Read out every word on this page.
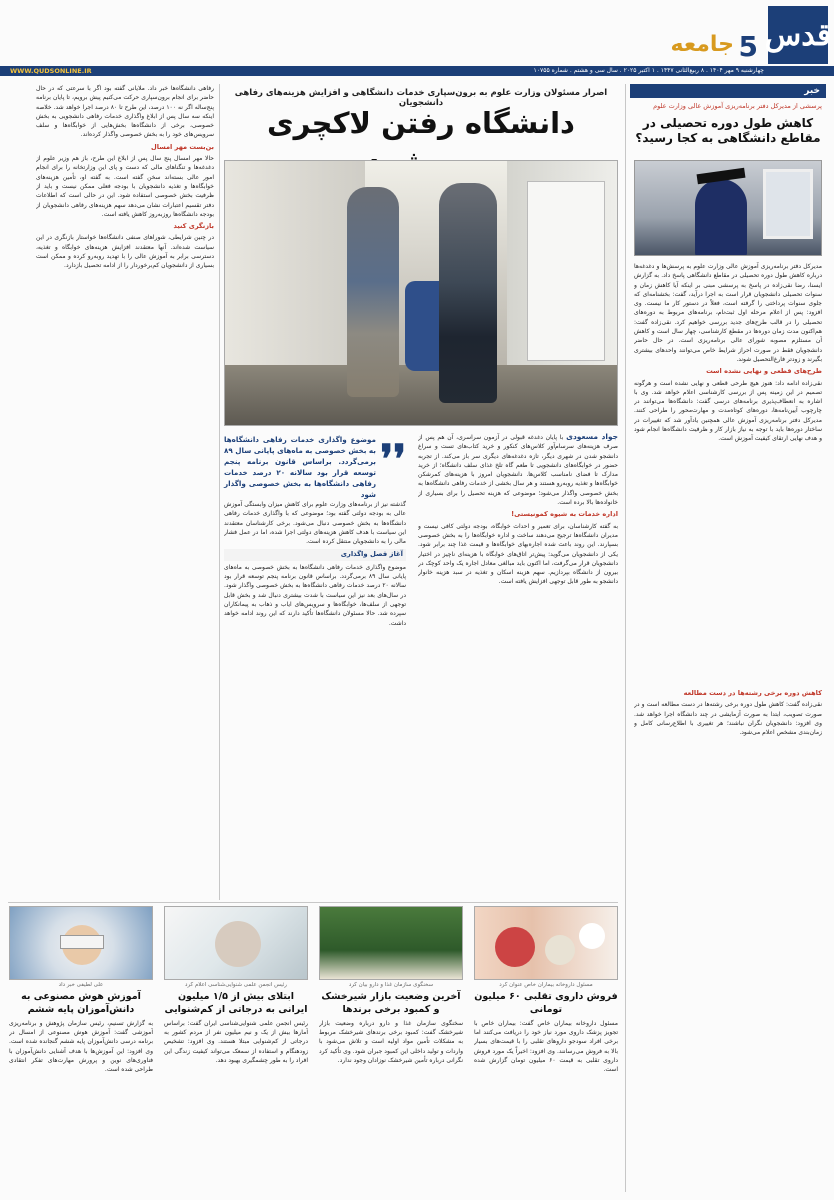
قدس
5
جامعه
چهارشنبه ۹ مهر ۱۴۰۴ . ۸ ربیع‌الثانی ۱۴۴۷ . ۱ اکتبر ۲۰۲۵ . سال سی و هشتم . شماره ۱۰۷۵۵
WWW.QUDSONLINE.IR
خبر
پرسشی از مدیرکل دفتر برنامه‌ریزی آموزش عالی وزارت علوم
کاهش طول دوره تحصیلی در مقاطع دانشگاهی به کجا رسید؟
مدیرکل دفتر برنامه‌ریزی آموزش عالی وزارت علوم به پرسش‌ها و دغدغه‌ها درباره کاهش طول دوره تحصیلی در مقاطع دانشگاهی پاسخ داد. به گزارش ایسنا، رضا نقی‌زاده در پاسخ به پرسشی مبنی بر اینکه آیا کاهش زمان و سنوات تحصیلی دانشجویان قرار است به اجرا درآید، گفت: بخشنامه‌ای که جلوی سنوات پرداختی را گرفته است، فعلاً در دستور کار ما نیست. وی افزود: پس از اعلام مرحله اول ثبت‌نام، برنامه‌های مربوط به دوره‌های تحصیلی را در قالب طرح‌های جدید بررسی خواهیم کرد. نقی‌زاده گفت: هم‌اکنون مدت زمان دوره‌ها در مقطع کارشناسی، چهار سال است و کاهش آن مستلزم مصوبه شورای عالی برنامه‌ریزی است. در حال حاضر دانشجویان فقط در صورت احراز شرایط خاص می‌توانند واحدهای بیشتری بگیرند و زودتر فارغ‌التحصیل شوند.
طرح‌های قطعی و نهایی نشده است
نقی‌زاده ادامه داد: هنوز هیچ طرحی قطعی و نهایی نشده است و هرگونه تصمیم در این زمینه پس از بررسی کارشناسی اعلام خواهد شد. وی با اشاره به انعطاف‌پذیری برنامه‌های درسی گفت: دانشگاه‌ها می‌توانند در چارچوب آیین‌نامه‌ها، دوره‌های کوتاه‌مدت و مهارت‌محور را طراحی کنند. مدیرکل دفتر برنامه‌ریزی آموزش عالی همچنین یادآور شد که تغییرات در ساختار دوره‌ها باید با توجه به نیاز بازار کار و ظرفیت دانشگاه‌ها انجام شود و هدف نهایی ارتقای کیفیت آموزش است.
کاهش دوره برخی رشته‌ها در دست مطالعه
نقی‌زاده گفت: کاهش طول دوره برخی رشته‌ها در دست مطالعه است و در صورت تصویب، ابتدا به صورت آزمایشی در چند دانشگاه اجرا خواهد شد. وی افزود: دانشجویان نگران نباشند؛ هر تغییری با اطلاع‌رسانی کامل و زمان‌بندی مشخص اعلام می‌شود.
اصرار مسئولان وزارت علوم به برون‌سپاری خدمات دانشگاهی و افزایش هزینه‌های رفاهی دانشجویان
دانشگاه رفتن لاکچری
❜❜
موضوع واگذاری خدمات رفاهی دانشگاه‌ها به بخش خصوصی به ماه‌های پایانی سال ۸۹ برمی‌گردد. براساس قانون برنامه پنجم توسعه قرار بود سالانه ۲۰ درصد خدمات رفاهی دانشگاه‌ها به بخش خصوصی واگذار شود
جواد مسعودی با پایان دغدغه قبولی در آزمون سراسری، آن هم پس از صرف هزینه‌های سرسام‌آور کلاس‌های کنکور و خرید کتاب‌های تست و سراغ دانشجو شدن در شهری دیگر، تازه دغدغه‌های دیگری سر باز می‌کند. از تجربه حضور در خوابگاه‌های دانشجویی تا طعم گاه تلخ غذای سلف دانشگاه؛ از خرید مدارک تا فضای نامناسب کلاس‌ها. دانشجویان امروز با هزینه‌های کمرشکن خوابگاه‌ها و تغذیه روبه‌رو هستند و هر سال بخشی از خدمات رفاهی دانشگاه‌ها به بخش خصوصی واگذار می‌شود؛ موضوعی که هزینه تحصیل را برای بسیاری از خانواده‌ها بالا برده است.
اداره خدمات به شیوه کمونیستی!
به گفته کارشناسان، برای تعمیر و احداث خوابگاه، بودجه دولتی کافی نیست و مدیران دانشگاه‌ها ترجیح می‌دهند ساخت و اداره خوابگاه‌ها را به بخش خصوصی بسپارند. این روند باعث شده اجاره‌بهای خوابگاه‌ها و قیمت غذا چند برابر شود. یکی از دانشجویان می‌گوید: پیش‌تر اتاق‌های خوابگاه با هزینه‌ای ناچیز در اختیار دانشجویان قرار می‌گرفت، اما اکنون باید مبالغی معادل اجاره یک واحد کوچک در بیرون از دانشگاه بپردازیم. سهم هزینه اسکان و تغذیه در سبد هزینه خانوار دانشجو به طور قابل توجهی افزایش یافته است.
گذشته نیز از برنامه‌های وزارت علوم برای کاهش میزان وابستگی آموزش عالی به بودجه دولتی گفته بود؛ موضوعی که با واگذاری خدمات رفاهی دانشگاه‌ها به بخش خصوصی دنبال می‌شود. برخی کارشناسان معتقدند این سیاست با هدف کاهش هزینه‌های دولتی اجرا شده، اما در عمل فشار مالی را به دانشجویان منتقل کرده است.
آغاز فصل واگذاری
موضوع واگذاری خدمات رفاهی دانشگاه‌ها به بخش خصوصی به ماه‌های پایانی سال ۸۹ برمی‌گردد. براساس قانون برنامه پنجم توسعه قرار بود سالانه ۲۰ درصد خدمات رفاهی دانشگاه‌ها به بخش خصوصی واگذار شود. در سال‌های بعد نیز این سیاست با شدت بیشتری دنبال شد و بخش قابل توجهی از سلف‌ها، خوابگاه‌ها و سرویس‌های ایاب و ذهاب به پیمانکاران سپرده شد. حالا مسئولان دانشگاه‌ها تأکید دارند که این روند ادامه خواهد داشت.
رفاهی دانشگاه‌ها خبر داد. ملایانی گفته بود اگر با سرعتی که در حال حاضر برای انجام برون‌سپاری حرکت می‌کنیم پیش برویم، تا پایان برنامه پنج‌ساله اگر نه ۱۰۰ درصد، این طرح تا ۸۰ درصد اجرا خواهد شد. خلاصه اینکه سه سال پس از ابلاغ واگذاری خدمات رفاهی دانشجویی به بخش خصوصی، برخی از دانشگاه‌ها بخش‌هایی از خوابگاه‌ها و سلف سرویس‌های خود را به بخش خصوصی واگذار کرده‌اند.
بن‌بست مهر امسال
حالا مهر امسال پنج سال پس از ابلاغ این طرح، باز هم وزیر علوم از دغدغه‌ها و تنگناهای مالی که دست و پای این وزارتخانه را برای انجام امور عالی بسته‌اند سخن گفته است. به گفته او، تأمین هزینه‌های خوابگاه‌ها و تغذیه دانشجویان با بودجه فعلی ممکن نیست و باید از ظرفیت بخش خصوصی استفاده شود. این در حالی است که اطلاعات دفتر تقسیم اعتبارات نشان می‌دهد سهم هزینه‌های رفاهی دانشجویان از بودجه دانشگاه‌ها روزبه‌روز کاهش یافته است.
بازنگری کنید
در چنین شرایطی، شوراهای صنفی دانشگاه‌ها خواستار بازنگری در این سیاست شده‌اند. آنها معتقدند افزایش هزینه‌های خوابگاه و تغذیه، دسترسی برابر به آموزش عالی را با تهدید روبه‌رو کرده و ممکن است بسیاری از دانشجویان کم‌برخوردار را از ادامه تحصیل بازدارد.
مسئول داروخانه بیماران خاص عنوان کرد
فروش داروی تقلبی ۶۰ میلیون تومانی
مسئول داروخانه بیماران خاص گفت: بیماران خاص با تجویز پزشک داروی مورد نیاز خود را دریافت می‌کنند اما برخی افراد سودجو داروهای تقلبی را با قیمت‌های بسیار بالا به فروش می‌رسانند. وی افزود: اخیراً یک مورد فروش داروی تقلبی به قیمت ۶۰ میلیون تومان گزارش شده است.
سخنگوی سازمان غذا و دارو بیان کرد
آخرین وضعیت بازار شیرخشک و کمبود برخی برندها
سخنگوی سازمان غذا و دارو درباره وضعیت بازار شیرخشک گفت: کمبود برخی برندهای شیرخشک مربوط به مشکلات تأمین مواد اولیه است و تلاش می‌شود با واردات و تولید داخلی این کمبود جبران شود. وی تأکید کرد نگرانی درباره تأمین شیرخشک نوزادان وجود ندارد.
رئیس انجمن علمی شنوایی‌شناسی اعلام کرد
ابتلای بیش از ۱/۵ میلیون ایرانی به درجاتی از کم‌شنوایی
رئیس انجمن علمی شنوایی‌شناسی ایران گفت: براساس آمارها بیش از یک و نیم میلیون نفر از مردم کشور به درجاتی از کم‌شنوایی مبتلا هستند. وی افزود: تشخیص زودهنگام و استفاده از سمعک می‌تواند کیفیت زندگی این افراد را به طور چشمگیری بهبود دهد.
علی لطیفی خبر داد
آموزش هوش مصنوعی به دانش‌آموزان پایه ششم
به گزارش تسنیم، رئیس سازمان پژوهش و برنامه‌ریزی آموزشی گفت: آموزش هوش مصنوعی از امسال در برنامه درسی دانش‌آموزان پایه ششم گنجانده شده است. وی افزود: این آموزش‌ها با هدف آشنایی دانش‌آموزان با فناوری‌های نوین و پرورش مهارت‌های تفکر انتقادی طراحی شده است.
